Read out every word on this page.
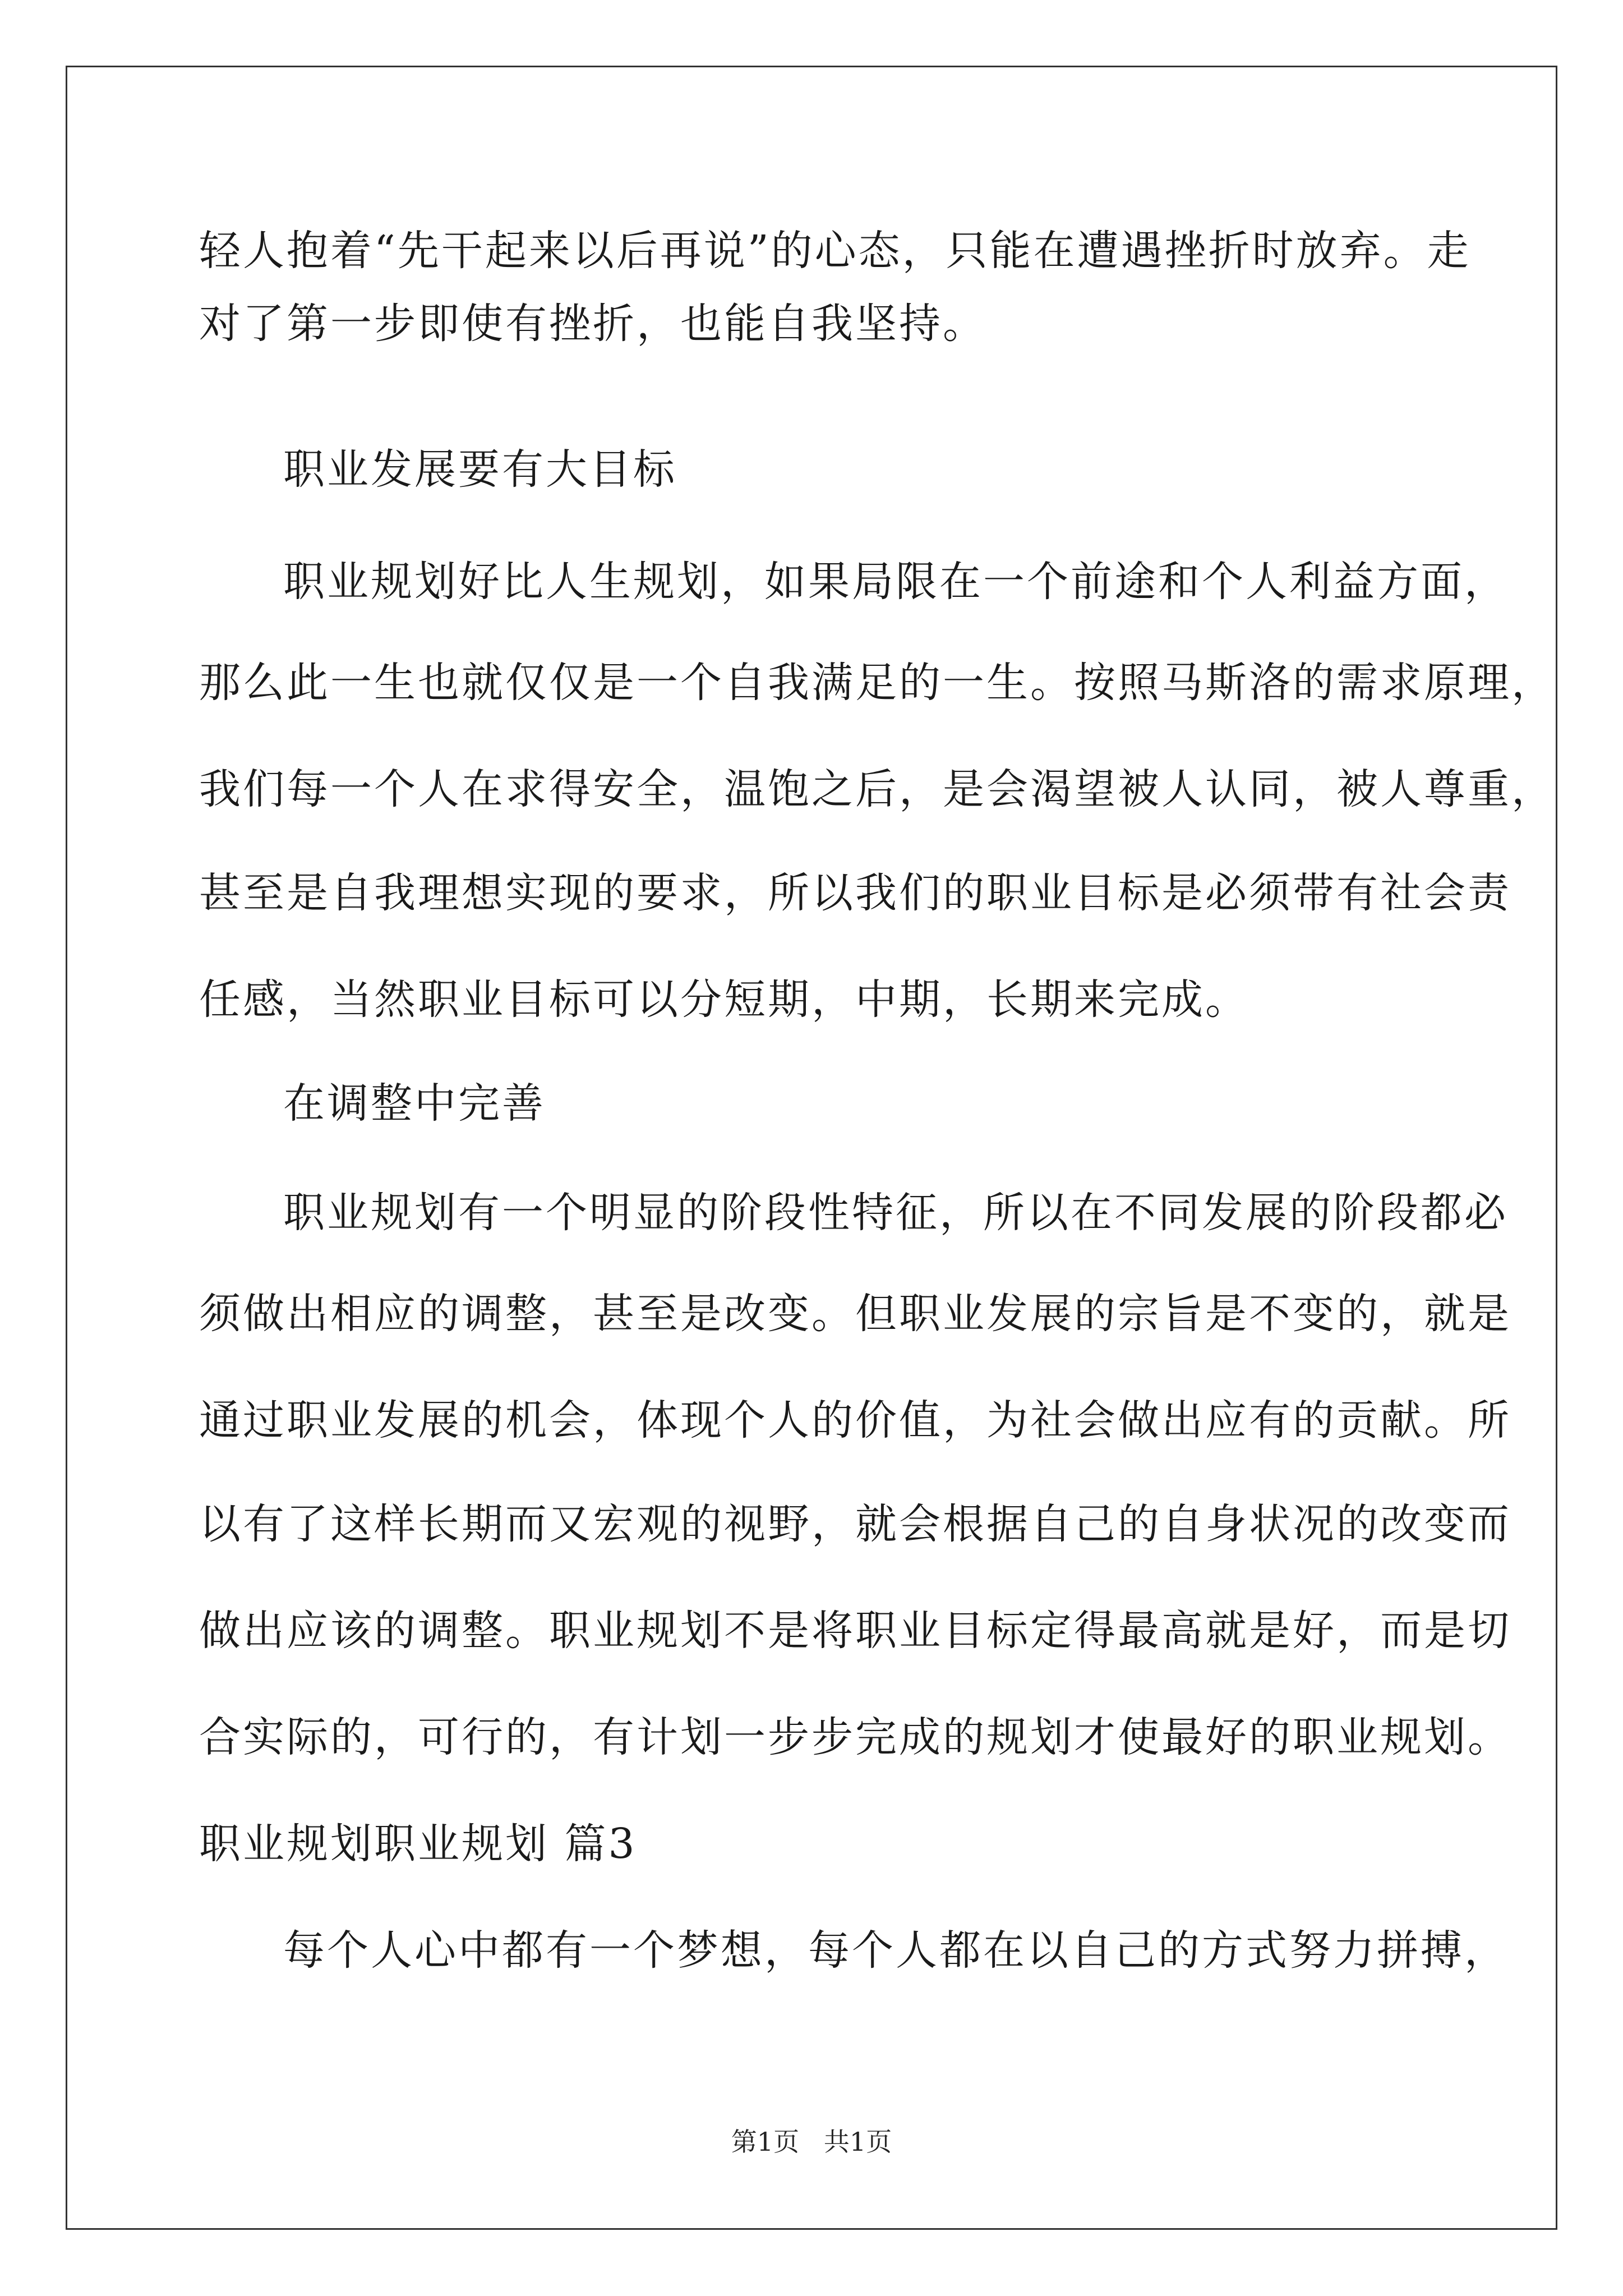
轻人抱着“先干起来以后再说”的心态，只能在遭遇挫折时放弃。走
对了第一步即使有挫折，也能自我坚持。
职业发展要有大目标
职业规划好比人生规划，如果局限在一个前途和个人利益方面，
那么此一生也就仅仅是一个自我满足的一生。按照马斯洛的需求原理，
我们每一个人在求得安全，温饱之后，是会渴望被人认同，被人尊重，
甚至是自我理想实现的要求，所以我们的职业目标是必须带有社会责
任感，当然职业目标可以分短期，中期，长期来完成。
在调整中完善
职业规划有一个明显的阶段性特征，所以在不同发展的阶段都必
须做出相应的调整，甚至是改变。但职业发展的宗旨是不变的，就是
通过职业发展的机会，体现个人的价值，为社会做出应有的贡献。所
以有了这样长期而又宏观的视野，就会根据自己的自身状况的改变而
做出应该的调整。职业规划不是将职业目标定得最高就是好，而是切
合实际的，可行的，有计划一步步完成的规划才使最好的职业规划。
职业规划职业规划 篇3
每个人心中都有一个梦想，每个人都在以自己的方式努力拼搏，
第1页   共1页
